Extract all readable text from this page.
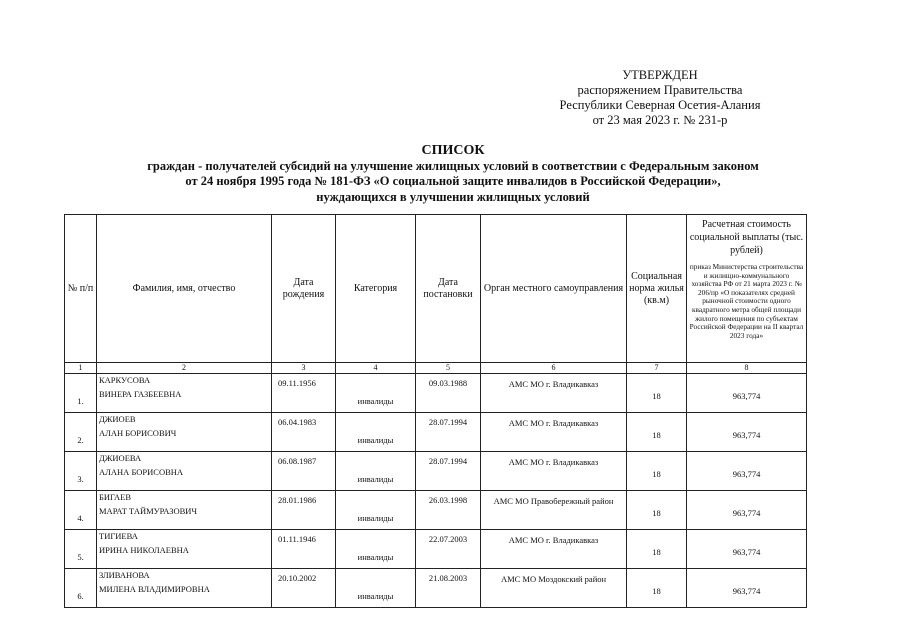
УТВЕРЖДЕН
распоряжением Правительства
Республики Северная Осетия-Алания
от 23 мая 2023 г. № 231-р
СПИСОК
граждан - получателей субсидий на улучшение жилищных условий в соответствии с Федеральным законом
от 24 ноября 1995 года № 181-ФЗ «О социальной защите инвалидов в Российской Федерации»,
нуждающихся в улучшении жилищных условий
№ п/п	Фамилия, имя, отчество	Дата рождения	Категория	Дата постановки	Орган местного самоуправления	Социальная норма жилья (кв.м)	Расчетная стоимость социальной выплаты (тыс. рублей)
приказ Министерства строительства и жилищно-коммунального хозяйства РФ от 21 марта 2023 г. № 206/пр «О показателях средней рыночной стоимости одного квадратного метра общей площади жилого помещения по субъектам Российской Федерации на II квартал 2023 года»

1	2	3	4	5	6	7	8
1.	КАРКУСОВА
ВИНЕРА ГАЗБЕЕВНА	09.11.1956	инвалиды	09.03.1988	АМС МО г. Владикавказ	18	963,774
2.	ДЖИОЕВ
АЛАН БОРИСОВИЧ	06.04.1983	инвалиды	28.07.1994	АМС МО г. Владикавказ	18	963,774
3.	ДЖИОЕВА
АЛАНА БОРИСОВНА	06.08.1987	инвалиды	28.07.1994	АМС МО г. Владикавказ	18	963,774
4.	БИГАЕВ
МАРАТ ТАЙМУРАЗОВИЧ	28.01.1986	инвалиды	26.03.1998	АМС МО Правобережный район	18	963,774
5.	ТИГИЕВА
ИРИНА НИКОЛАЕВНА	01.11.1946	инвалиды	22.07.2003	АМС МО г. Владикавказ	18	963,774
6.	ЗЛИВАНОВА
МИЛЕНА ВЛАДИМИРОВНА	20.10.2002	инвалиды	21.08.2003	АМС МО Моздокский район	18	963,774
